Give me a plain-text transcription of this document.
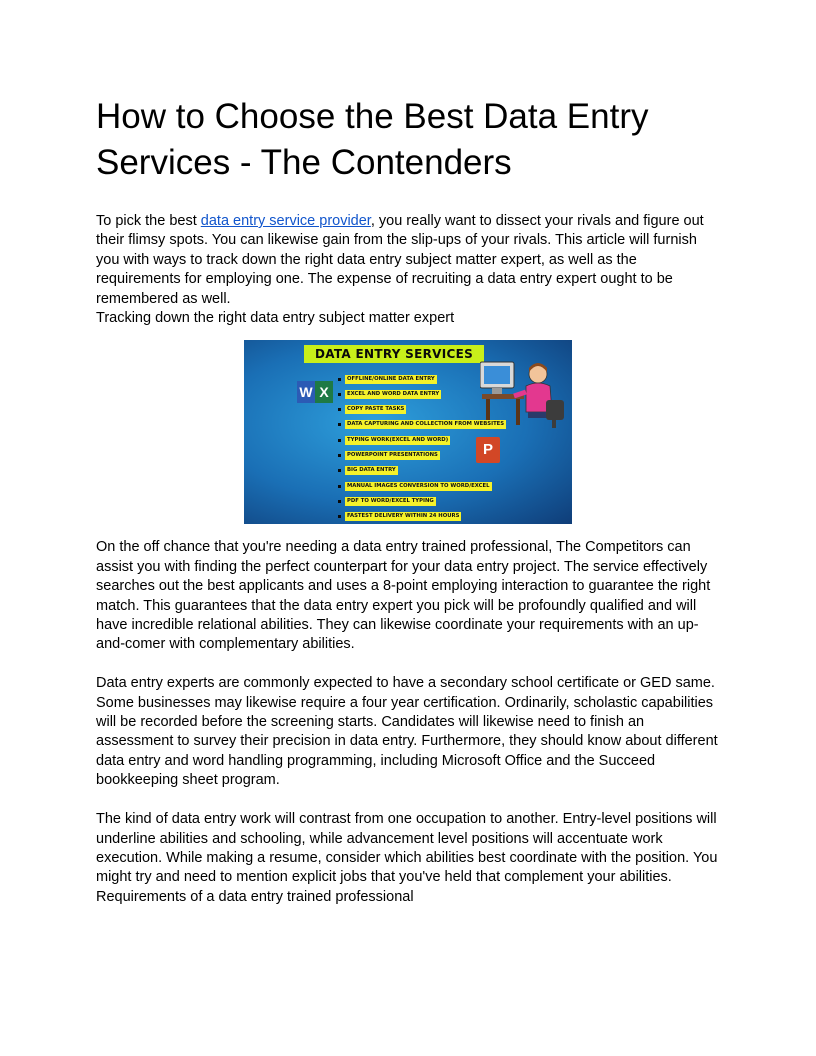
How to Choose the Best Data Entry Services - The Contenders

To pick the best data entry service provider, you really want to dissect your rivals and figure out their flimsy spots. You can likewise gain from the slip-ups of your rivals. This article will furnish you with ways to track down the right data entry subject matter expert, as well as the requirements for employing one. The expense of recruiting a data entry expert ought to be remembered as well.

Tracking down the right data entry subject matter expert

DATA ENTRY SERVICES
W X
P
OFFLINE/ONLINE DATA ENTRY
EXCEL AND WORD DATA ENTRY
COPY PASTE TASKS
DATA CAPTURING AND COLLECTION FROM WEBSITES
TYPING WORK(EXCEL AND WORD)
POWERPOINT PRESENTATIONS
BIG DATA ENTRY
MANUAL IMAGES CONVERSION TO WORD/EXCEL
PDF TO WORD/EXCEL TYPING
FASTEST DELIVERY WITHIN 24 HOURS

On the off chance that you're needing a data entry trained professional, The Competitors can assist you with finding the perfect counterpart for your data entry project. The service effectively searches out the best applicants and uses a 8-point employing interaction to guarantee the right match. This guarantees that the data entry expert you pick will be profoundly qualified and will have incredible relational abilities. They can likewise coordinate your requirements with an up-and-comer with complementary abilities.

Data entry experts are commonly expected to have a secondary school certificate or GED same. Some businesses may likewise require a four year certification. Ordinarily, scholastic capabilities will be recorded before the screening starts. Candidates will likewise need to finish an assessment to survey their precision in data entry. Furthermore, they should know about different data entry and word handling programming, including Microsoft Office and the Succeed bookkeeping sheet program.

The kind of data entry work will contrast from one occupation to another. Entry-level positions will underline abilities and schooling, while advancement level positions will accentuate work execution. While making a resume, consider which abilities best coordinate with the position. You might try and need to mention explicit jobs that you've held that complement your abilities.

Requirements of a data entry trained professional
